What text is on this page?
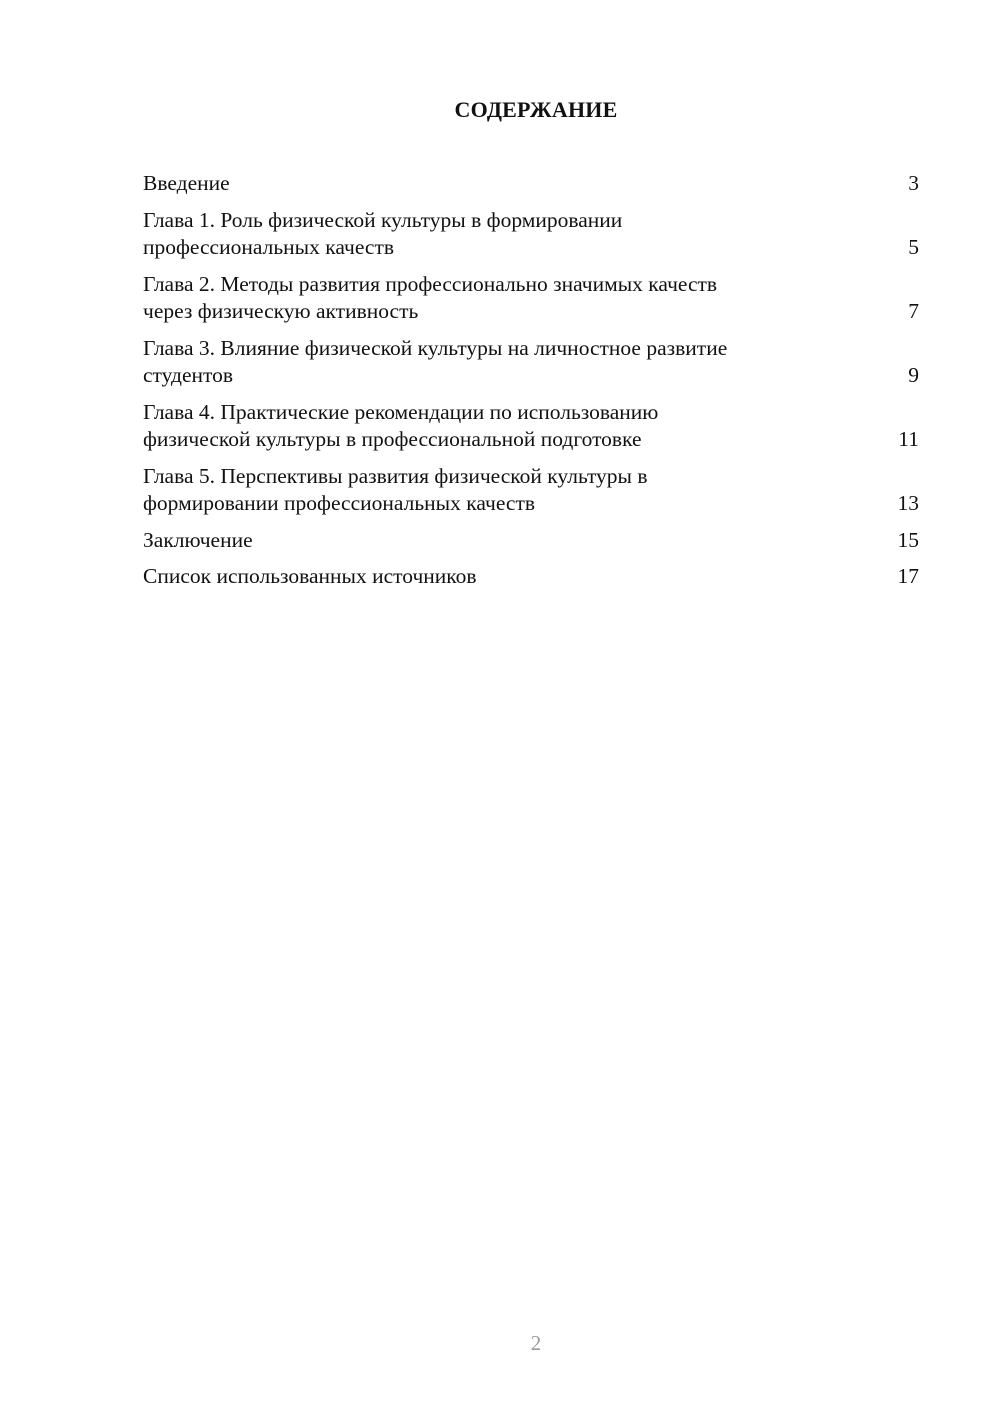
СОДЕРЖАНИЕ
Введение	3
Глава 1. Роль физической культуры в формировании
профессиональных качеств	5
Глава 2. Методы развития профессионально значимых качеств
через физическую активность	7
Глава 3. Влияние физической культуры на личностное развитие
студентов	9
Глава 4. Практические рекомендации по использованию
физической культуры в профессиональной подготовке	11
Глава 5. Перспективы развития физической культуры в
формировании профессиональных качеств	13
Заключение	15
Список использованных источников	17
2
